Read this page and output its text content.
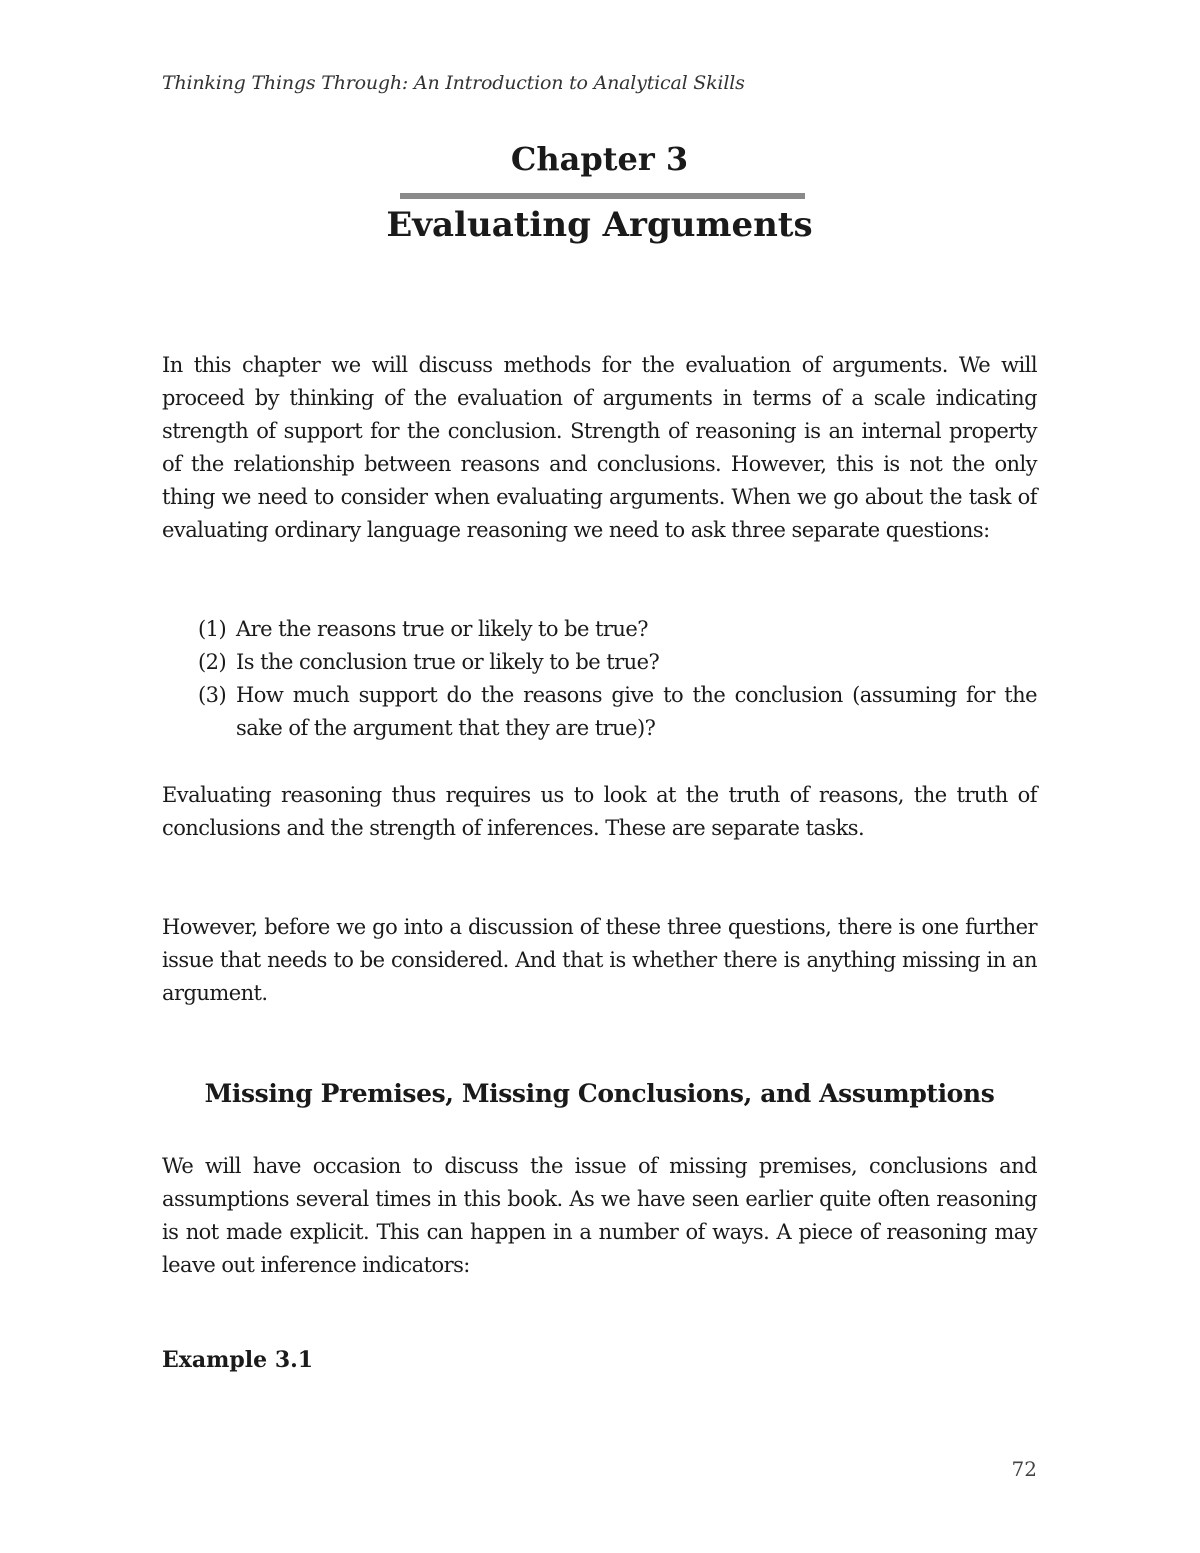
Thinking Things Through: An Introduction to Analytical Skills
Chapter 3
Evaluating Arguments

In this chapter we will discuss methods for the evaluation of arguments. We will proceed by thinking of the evaluation of arguments in terms of a scale indicating strength of support for the conclusion. Strength of reasoning is an internal property of the relationship between reasons and conclusions. However, this is not the only thing we need to consider when evaluating arguments. When we go about the task of evaluating ordinary language reasoning we need to ask three separate questions:

(1) Are the reasons true or likely to be true?
(2) Is the conclusion true or likely to be true?
(3) How much support do the reasons give to the conclusion (assuming for the sake of the argument that they are true)?

Evaluating reasoning thus requires us to look at the truth of reasons, the truth of conclusions and the strength of inferences. These are separate tasks.

However, before we go into a discussion of these three questions, there is one further issue that needs to be considered. And that is whether there is anything missing in an argument.

Missing Premises, Missing Conclusions, and Assumptions

We will have occasion to discuss the issue of missing premises, conclusions and assumptions several times in this book. As we have seen earlier quite often reasoning is not made explicit. This can happen in a number of ways. A piece of reasoning may leave out inference indicators:

Example 3.1
72
